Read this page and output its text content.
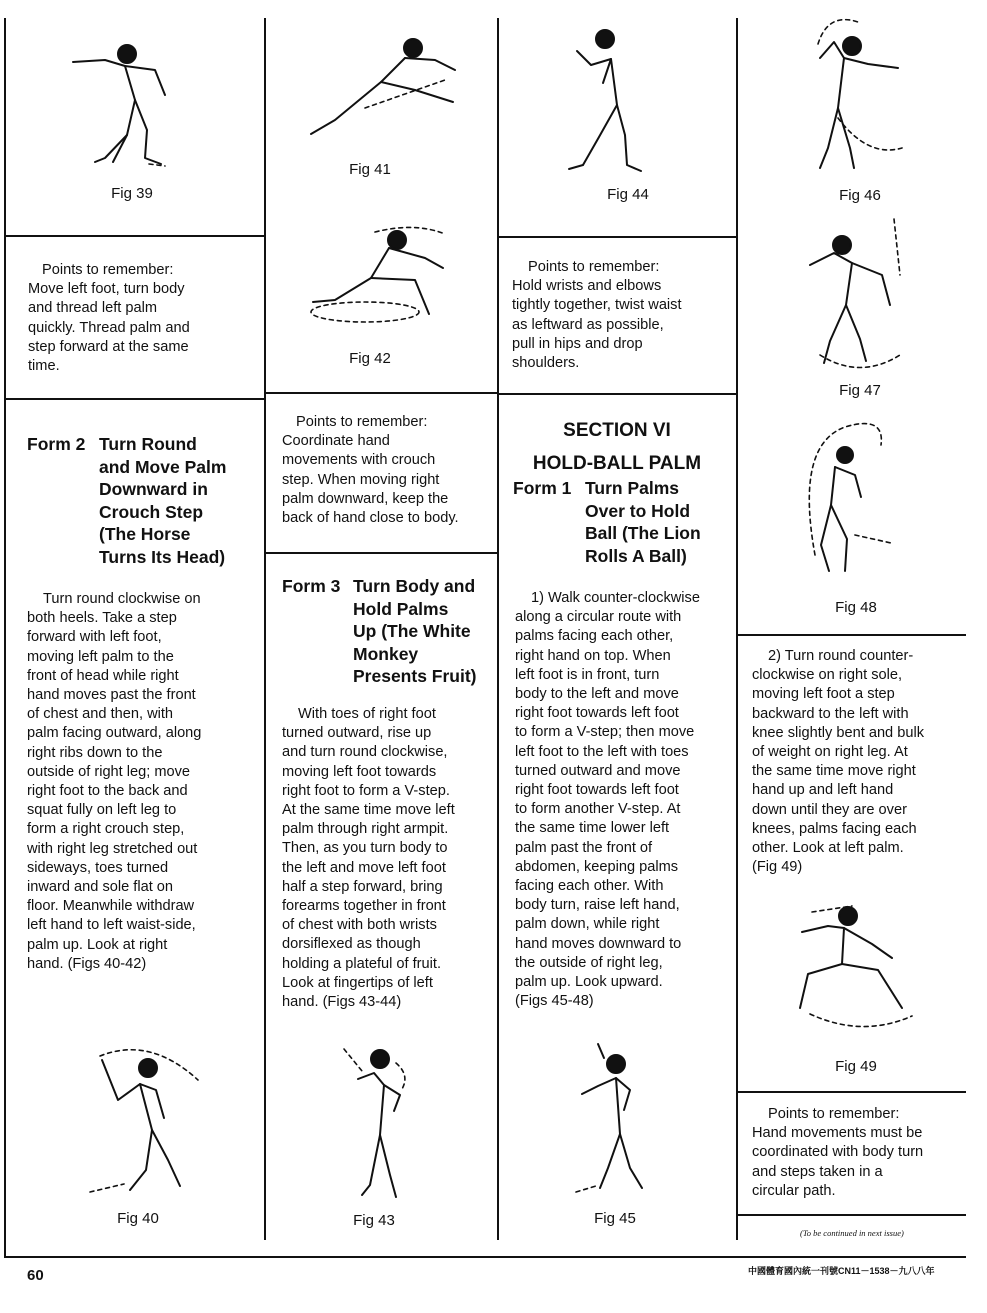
Fig 39
Points to remember:
Move left foot, turn body
and thread left palm
quickly. Thread palm and
step forward at the same
time.
Form 2 Turn Round
and Move Palm
Downward in
Crouch Step
(The Horse
Turns Its Head)
Turn round clockwise on
both heels. Take a step
forward with left foot,
moving left palm to the
front of head while right
hand moves past the front
of chest and then, with
palm facing outward, along
right ribs down to the
outside of right leg; move
right foot to the back and
squat fully on left leg to
form a right crouch step,
with right leg stretched out
sideways, toes turned
inward and sole flat on
floor. Meanwhile withdraw
left hand to left waist-side,
palm up. Look at right
hand. (Figs 40-42)
Fig 40
Fig 41
Fig 42
Points to remember:
Coordinate hand
movements with crouch
step. When moving right
palm downward, keep the
back of hand close to body.
Form 3 Turn Body and
Hold Palms
Up (The White
Monkey
Presents Fruit)
With toes of right foot
turned outward, rise up
and turn round clockwise,
moving left foot towards
right foot to form a V-step.
At the same time move left
palm through right armpit.
Then, as you turn body to
the left and move left foot
half a step forward, bring
forearms together in front
of chest with both wrists
dorsiflexed as though
holding a plateful of fruit.
Look at fingertips of left
hand. (Figs 43-44)
Fig 43
Fig 44
Points to remember:
Hold wrists and elbows
tightly together, twist waist
as leftward as possible,
pull in hips and drop
shoulders.
SECTION VI
HOLD-BALL PALM
Form 1 Turn Palms
Over to Hold
Ball (The Lion
Rolls A Ball)
1) Walk counter-clockwise
along a circular route with
palms facing each other,
right hand on top. When
left foot is in front, turn
body to the left and move
right foot towards left foot
to form a V-step; then move
left foot to the left with toes
turned outward and move
right foot towards left foot
to form another V-step. At
the same time lower left
palm past the front of
abdomen, keeping palms
facing each other. With
body turn, raise left hand,
palm down, while right
hand moves downward to
the outside of right leg,
palm up. Look upward.
(Figs 45-48)
Fig 45
Fig 46
Fig 47
Fig 48
2) Turn round counter-
clockwise on right sole,
moving left foot a step
backward to the left with
knee slightly bent and bulk
of weight on right leg. At
the same time move right
hand up and left hand
down until they are over
knees, palms facing each
other. Look at left palm.
(Fig 49)
Fig 49
Points to remember:
Hand movements must be
coordinated with body turn
and steps taken in a
circular path.
(To be continued in next issue)
60	中國體育國內統一刊號CN11－1538－九八八年
